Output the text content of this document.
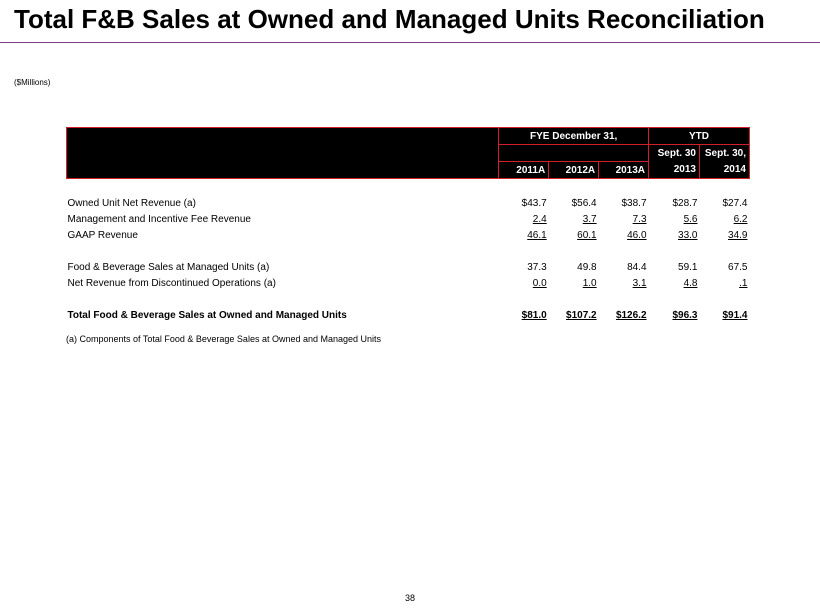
Total F&B Sales at Owned and Managed Units Reconciliation
($Millions)
	FYE December 31,			YTD	
				Sept. 30	Sept. 30,
	2011A	2012A	2013A	2013	2014

Owned Unit Net Revenue (a)	$43.7	$56.4	$38.7	$28.7	$27.4
Management and Incentive Fee Revenue	2.4	3.7	7.3	5.6	6.2
GAAP Revenue	46.1	60.1	46.0	33.0	34.9

Food & Beverage Sales at Managed Units (a)	37.3	49.8	84.4	59.1	67.5
Net Revenue from Discontinued Operations (a)	0.0	1.0	3.1	4.8	.1

Total Food & Beverage Sales at Owned and Managed Units	$81.0	$107.2	$126.2	$96.3	$91.4
(a) Components of Total Food & Beverage Sales at Owned and Managed Units
38
